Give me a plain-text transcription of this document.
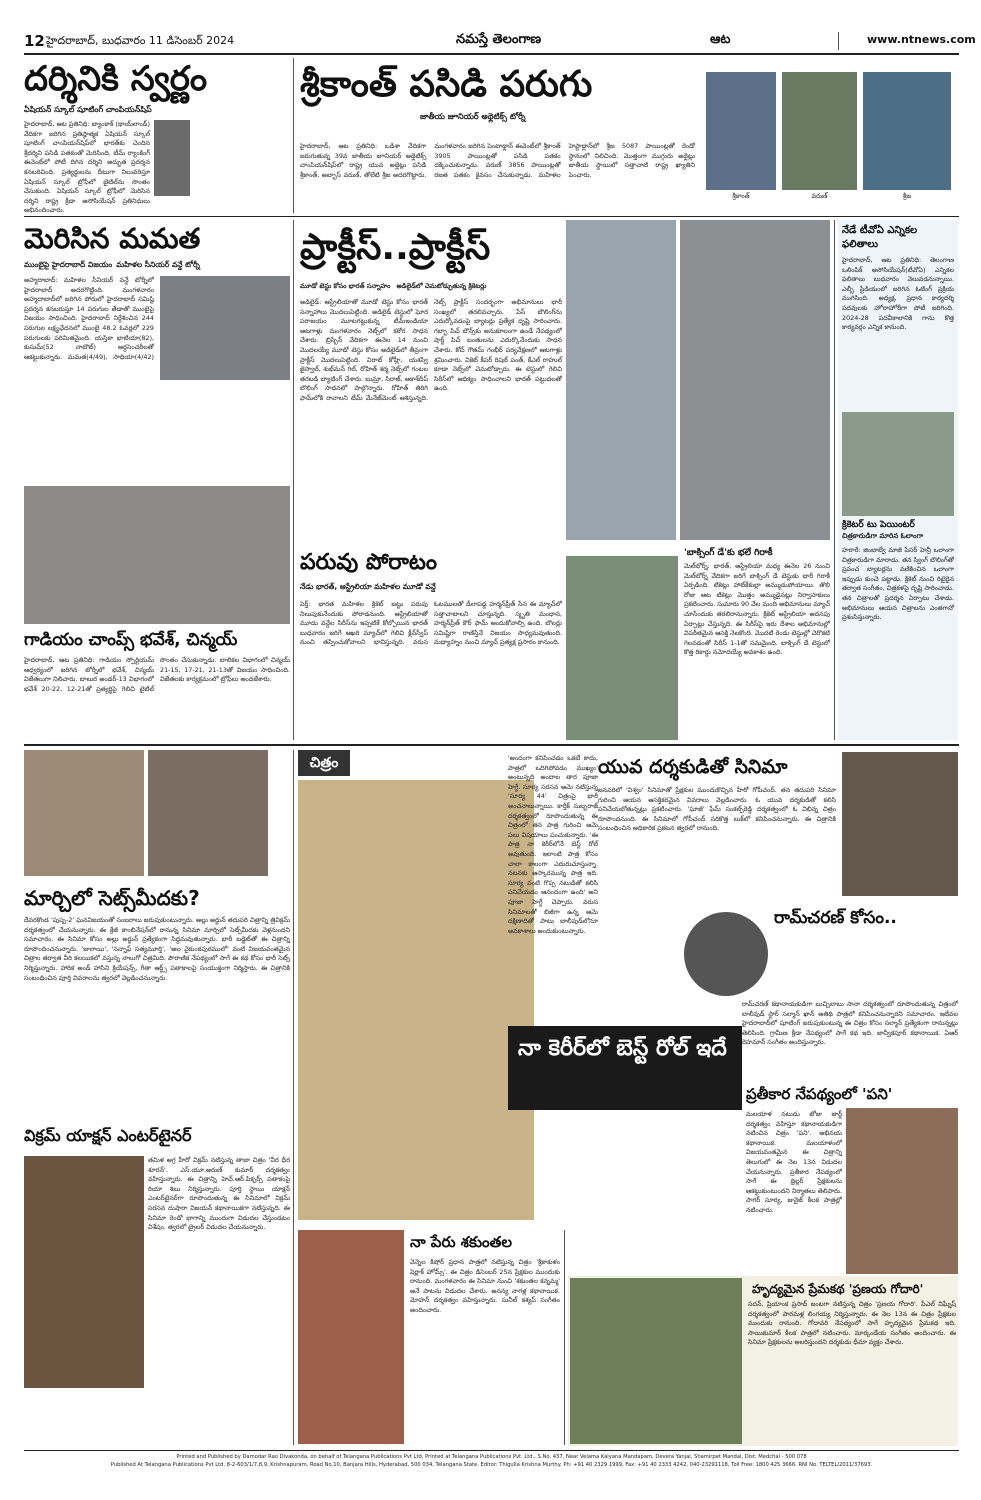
12 హైదరాబాద్, బుధవారం 11 డిసెంబర్ 2024	నమస్తే తెలంగాణ	ఆట	www.ntnews.com
దర్శినికి స్వర్ణం
ఏషియన్ స్కూల్ షూటింగ్ చాంపియన్‌షిప్
హైదరాబాద్, ఆట ప్రతినిధి: బ్యాంకాక్ (థాయ్‌లాండ్) వేదికగా జరిగిన ప్రతిష్ఠాత్మక ఏషియన్ స్కూల్ షూటింగ్ చాంపియన్‌షిప్‌లో భారత్‌కు చెందిన శ్రీదర్శిని పసిడి పతకంతో మెరిసింది. టీమ్ ర్యాంకింగ్ ఈవెంట్‌లో పోటీ దిగిన దర్శిని అద్భుత ప్రదర్శన కనబరిచింది. ప్రత్యర్థులను దీటుగా నిలువరిస్తూ ఏషియన్ స్కూల్ ట్రోఫీలో టైటిల్‌ను సొంతం చేసుకుంది. ఏషియన్ స్కూల్ ట్రోఫీలో మెరిసిన దర్శిని రాష్ట్ర క్రీడా అసోసియేషన్ ప్రతినిధులు అభినందించారు.
శ్రీకాంత్ పసిడి పరుగు
జాతీయ జూనియర్ అథ్లెటిక్స్ టోర్నీ
హైదరాబాద్, ఆట ప్రతినిధి: ఒడిశా వేదికగా జరుగుతున్న 39వ జాతీయ జూనియర్ అథ్లెటిక్స్ చాంపియన్‌షిప్‌లో రాష్ట్ర యువ అథ్లెట్లు పసిడి శ్రీకాంత్, అబ్బాస్ వరుణ్, తోలేటి శ్రీజ అదరగొట్టారు. మంగళవారం జరిగిన పెంటాథ్లాన్ ఈవెంట్‌లో శ్రీకాంత్ 3905 పాయింట్లతో పసిడి పతకం దక్కించుకున్నాడు. వరుణ్ 3856 పాయింట్లతో రజత పతకం కైవసం చేసుకున్నాడు. మహిళల హెప్టాథ్లాన్‌లో శ్రీజ 5087 పాయింట్లతో రెండో స్థానంలో నిలిచింది. మొత్తంగా ముగ్గురు అథ్లెట్లు జాతీయ స్థాయిలో సత్తాచాటి రాష్ట్ర ఖ్యాతిని పెంచారు.
శ్రీకాంత్	వరుణ్	శ్రీజ
మెరిసిన మమత
ముంబైపై హైదరాబాద్ విజయం మహిళల సీనియర్ వన్డే టోర్నీ
అహ్మదాబాద్: మహిళల సీనియర్ వన్డే టోర్నీలో హైదరాబాద్ అదరగొట్టింది. మంగళవారం అహ్మదాబాద్‌లో జరిగిన పోరులో హైదరాబాద్ సమిష్టి ప్రదర్శన కనబరుస్తూ 14 పరుగుల తేడాతో ముంబైపై విజయం సాధించింది. హైదరాబాద్ నిర్దేశించిన 244 పరుగుల లక్ష్యఛేదనలో ముంబై 48.2 ఓవర్లలో 229 పరుగులకు పరిమితమైంది. యస్తికా భాటియా(82), కుసుమ్(52 నాటౌట్) అర్ధసెంచరీలతో ఆకట్టుకున్నారు. మమత(4/49), సాధియా(4/42)
గాడియం చాంప్స్ భవేశ్, చిన్మయ్
హైదరాబాద్, ఆట ప్రతినిధి: గాడియం స్పోర్టియమ్ ఆధ్వర్యంలో జరిగిన టోర్నీలో భవేశ్, చిన్మయ్ విజేతలుగా నిలిచారు. బాలుర అండర్-13 విభాగంలో భవేశ్ 20-22, 12-21తో ప్రత్యర్థిపై గెలిచి టైటిల్ సొంతం చేసుకున్నాడు. బాలికల విభాగంలో చిన్మయ్ 21-15, 17-21, 21-13తో విజయం సాధించింది. విజేతలకు కార్యక్రమంలో ట్రోఫీలు అందజేశారు.
ప్రాక్టీస్..ప్రాక్టీస్
మూడో టెస్టు కోసం భారత్ సన్నాహం అడిలైడ్‌లో చెమటోడ్చుతున్న క్రికెటర్లు
అడిలైడ్: ఆస్ట్రేలియాతో మూడో టెస్టు కోసం భారత్ సన్నాహాలు మొదలుపెట్టింది. అడిలైడ్ టెస్టులో ఘోర పరాజయం మూటగట్టుకున్న టీమ్‌ఇండియా ఆటగాళ్లు మంగళవారం నెట్స్‌లో కఠోర సాధన చేశారు. బ్రిస్బేన్ వేదికగా ఈనెల 14 నుంచి మొదలయ్యే మూడో టెస్టు కోసం అడిలైడ్‌లో తీవ్రంగా ప్రాక్టీస్ మొదలుపెట్టింది. విరాట్ కోహ్లీ, యశస్వి జైస్వాల్, శుభ్‌మన్ గిల్, రోహిత్ శర్మ నెట్స్‌లో గంటల తరబడి బ్యాటింగ్ చేశారు. బుమ్రా, సిరాజ్, ఆకాశ్‌దీప్ బౌలింగ్ సాధనలో పాల్గొన్నారు. రోహిత్ తిరిగి ఫామ్‌లోకి రావాలని టీమ్ మేనేజ్‌మెంట్ ఆశిస్తున్నది. నెట్స్ ప్రాక్టీస్ సందర్భంగా అభిమానులు భారీ సంఖ్యలో తరలివచ్చారు. పేస్ బౌలింగ్‌ను ఎదుర్కోవడంపై బ్యాటర్లు ప్రత్యేక దృష్టి సారించారు. గబ్బా పిచ్ బౌన్స్‌కు అనుకూలంగా ఉండే నేపథ్యంలో షార్ట్ పిచ్ బంతులను ఎదుర్కొనేందుకు సాధన చేశారు. కోచ్ గౌతమ్ గంభీర్ పర్యవేక్షణలో ఆటగాళ్లు శ్రమించారు. వికెట్ కీపర్ రిషబ్ పంత్, కేఎల్ రాహుల్ కూడా నెట్స్‌లో చెమటోడ్చారు. ఈ టెస్టులో గెలిచి సిరీస్‌లో ఆధిక్యం సాధించాలని భారత్ పట్టుదలతో ఉంది.
పరువు పోరాటం
నేడు భారత్, ఆస్ట్రేలియా మహిళల మూడో వన్డే
పెర్త్: భారత మహిళల క్రికెట్ జట్టు పరువు నిలుపుకునేందుకు పోరాడనుంది. ఆస్ట్రేలియాతో మూడు వన్డేల సిరీస్‌ను ఇప్పటికే కోల్పోయిన భారత్ బుధవారం జరిగే ఆఖరి మ్యాచ్‌లో గెలిచి క్లీన్‌స్వీప్ నుంచి తప్పించుకోవాలని భావిస్తున్నది. వరుస ఓటములతో డీలాపడ్డ హర్మన్‌ప్రీత్ సేన ఈ మ్యాచ్‌లో సత్తాచాటాలని చూస్తున్నది. స్మృతి మంధాన, హర్మన్‌ప్రీత్ కౌర్ ఫామ్ అందుకోవాల్సి ఉంది. బౌలర్లు సమిష్టిగా రాణిస్తేనే విజయం సాధ్యమవుతుంది. మధ్యాహ్నం నుంచి మ్యాచ్ ప్రత్యక్ష ప్రసారం కానుంది.
'బాక్సింగ్ డే'కు భలే గిరాకీ
మెల్‌బోర్న్: భారత్, ఆస్ట్రేలియా మధ్య ఈనెల 26 నుంచి మెల్‌బోర్న్ వేదికగా జరిగే బాక్సింగ్ డే టెస్టుకు భారీ గిరాకీ ఏర్పడింది. టికెట్లు హాట్‌కేకుల్లా అమ్ముడుపోయాయి. తొలి రోజు ఆట టికెట్లు మొత్తం అమ్ముడైనట్లు నిర్వాహకులు ప్రకటించారు. సుమారు 90 వేల మంది అభిమానులు మ్యాచ్ చూసేందుకు తరలిరానున్నారు. క్రికెట్ ఆస్ట్రేలియా అదనపు ఏర్పాట్లు చేస్తున్నది. ఈ సిరీస్‌పై ఇరు దేశాల అభిమానుల్లో విపరీతమైన ఆసక్తి నెలకొంది. మొదటి రెండు టెస్టుల్లో చెరొకటి గెలవడంతో సిరీస్ 1-1తో సమమైంది. బాక్సింగ్ డే టెస్టులో కొత్త రికార్డు నమోదయ్యే అవకాశం ఉంది.
నేడే టీవోఏ ఎన్నికల ఫలితాలు
హైదరాబాద్, ఆట ప్రతినిధి: తెలంగాణ ఒలింపిక్ అసోసియేషన్(టీవోఏ) ఎన్నికల ఫలితాలు బుధవారం వెలువడనున్నాయి. ఎల్బీ స్టేడియంలో జరిగిన ఓటింగ్ ప్రక్రియ ముగిసింది. అధ్యక్ష, ప్రధాన కార్యదర్శి పదవులకు హోరాహోరీగా పోటీ జరిగింది. 2024-28 పదవీకాలానికి గాను కొత్త కార్యవర్గం ఎన్నిక కానుంది.
క్రికెటర్ టు పెయింటర్
చిత్రకారుడిగా మారిన ఓలాంగా
హరారే: జింబాబ్వే మాజీ పేసర్ హెన్రీ ఒలాంగా చిత్రకారుడిగా మారాడు. తన స్వింగ్ బౌలింగ్‌తో ప్రపంచ బ్యాటర్లను వణికించిన ఒలాంగా ఇప్పుడు కుంచె పట్టాడు. క్రికెట్ నుంచి రిటైరైన తర్వాత సంగీతం, చిత్రకళపై దృష్టి సారించాడు. తన చిత్రాలతో ప్రదర్శన ఏర్పాటు చేశాడు. అభిమానులు ఆయన చిత్రాలను ఎంతగానో ప్రశంసిస్తున్నారు.
మార్చిలో సెట్స్‌మీదకు?
దేవరకొండ 'పుష్ప-2' ఘనవిజయంతో సంబరాలు జరుపుకుంటున్నారు. అల్లు అర్జున్ తదుపరి చిత్రాన్ని త్రివిక్రమ్ దర్శకత్వంలో చేయనున్నారు. ఈ క్రేజీ కాంబినేషన్‌లో రానున్న సినిమా మార్చిలో సెట్స్‌మీదకు వెళ్లనుందని సమాచారం. ఈ సినిమా కోసం అల్లు అర్జున్ ప్రత్యేకంగా సిద్ధమవుతున్నారు. భారీ బడ్జెట్‌తో ఈ చిత్రాన్ని రూపొందించనున్నారు. 'జులాయి', 'సన్నాఫ్ సత్యమూర్తి', 'అల వైకుంఠపురములో' వంటి విజయవంతమైన చిత్రాల తర్వాత వీరి కలయికలో వస్తున్న నాలుగో చిత్రమిది. పౌరాణిక నేపథ్యంలో సాగే ఈ కథ కోసం భారీ సెట్స్ నిర్మిస్తున్నారు. హారిక అండ్ హాసిని క్రియేషన్స్, గీతా ఆర్ట్స్ పతాకాలపై సంయుక్తంగా నిర్మిస్తారు. ఈ చిత్రానికి సంబంధించిన పూర్తి వివరాలను త్వరలో వెల్లడించనున్నారు.
విక్రమ్ యాక్షన్ ఎంటర్‌టైనర్
తమిళ అగ్ర హీరో విక్రమ్ నటిస్తున్న తాజా చిత్రం 'వీర ధీర శూరన్'. ఎస్.యూ.అరుణ్ కుమార్ దర్శకత్వం వహిస్తున్నారు. ఈ చిత్రాన్ని హెచ్.ఆర్.పిక్చర్స్ పతాకంపై రియా శిబు నిర్మిస్తున్నారు. పూర్తి స్థాయి యాక్షన్ ఎంటర్‌టైనర్‌గా రూపొందుతున్న ఈ సినిమాలో విక్రమ్ సరసన దుషారా విజయన్ కథానాయికగా నటిస్తున్నది. ఈ సినిమా రెండో భాగాన్ని ముందుగా విడుదల చేస్తుండటం విశేషం. త్వరలో ట్రైలర్ విడుదల చేయనున్నారు.
చిత్రం	'అందంగా కనిపించడం ఒకటే కాదు, పాత్రలో ఒదిగిపోవడం ముఖ్యం' అంటున్నది అందాల తార పూజా హెగ్డే. సూర్య సరసన ఆమె నటిస్తున్న 'సూర్య 44' చిత్రంపై భారీ అంచనాలున్నాయి. కార్తీక్ సుబ్బరాజ్ దర్శకత్వంలో రూపొందుతున్న ఈ చిత్రంలో తన పాత్ర గురించి ఆమె పలు విషయాలు పంచుకున్నారు. 'ఈ పాత్ర నా కెరీర్‌లోనే బెస్ట్ రోల్ అవుతుంది. ఇలాంటి పాత్ర కోసం చాలా కాలంగా ఎదురుచూస్తున్నా. నటనకు ఆస్కారమున్న పాత్ర ఇది. సూర్య వంటి గొప్ప నటుడితో కలిసి పనిచేయడం ఆనందంగా ఉంది' అని పూజా హెగ్డే చెప్పారు. వరుస సినిమాలతో బిజీగా ఉన్న ఆమె దక్షిణాదితో పాటు బాలీవుడ్‌లోనూ అవకాశాలు అందుకుంటున్నారు.
నా కెరీర్‌లో బెస్ట్ రోల్ ఇదే
యువ దర్శకుడితో సినిమా
జనవరిలో 'విశ్వం' సినిమాతో ప్రేక్షకుల ముందుకొచ్చిన హీరో గోపీచంద్. తన తదుపరి సినిమా గురించి ఆయన ఆసక్తికరమైన వివరాలు వెల్లడించారు. ఓ యువ దర్శకుడితో కలిసి పనిచేయబోతున్నట్లు ప్రకటించారు. 'ఘాజీ' ఫేమ్ సంకల్ప్‌రెడ్డి దర్శకత్వంలో ఓ విభిన్న చిత్రం రూపొందనుంది. ఈ సినిమాలో గోపీచంద్ సరికొత్త లుక్‌లో కనిపించనున్నారు. ఈ చిత్రానికి సంబంధించిన అధికారిక ప్రకటన త్వరలో రానుంది.
రామ్‌చరణ్ కోసం..
రామ్‌చరణ్ కథానాయకుడిగా బుచ్చిబాబు సానా దర్శకత్వంలో రూపొందుతున్న చిత్రంలో బాలీవుడ్ స్టార్ సల్మాన్ ఖాన్ అతిథి పాత్రలో కనిపించనున్నారని సమాచారం. ఇటీవల హైదరాబాద్‌లో షూటింగ్ జరుపుకుంటున్న ఈ చిత్రం కోసం సల్మాన్ ప్రత్యేకంగా రానున్నట్లు తెలిసింది. గ్రామీణ క్రీడా నేపథ్యంలో సాగే కథ ఇది. జాన్వీకపూర్ కథానాయిక. ఏఆర్ రెహమాన్ సంగీతం అందిస్తున్నారు.
ప్రతీకార నేపథ్యంలో 'పని'
మలయాళ నటుడు జోజు జార్జ్ దర్శకత్వం వహిస్తూ కథానాయకుడిగా నటించిన చిత్రం 'పని'. అభినయ కథానాయిక. మలయాళంలో విజయవంతమైన ఈ చిత్రాన్ని తెలుగులో ఈ నెల 13న విడుదల చేయనున్నారు. ప్రతీకార నేపథ్యంలో సాగే ఈ థ్రిల్లర్ ప్రేక్షకులను ఆకట్టుకుంటుందని నిర్మాతలు తెలిపారు. సాగర్ సూర్య, జునైజ్ కీలక పాత్రల్లో నటించారు.
నా పేరు శకుంతల
వెన్నెల కిషోర్ ప్రధాన పాత్రలో నటిస్తున్న చిత్రం 'శ్రీకాకుళం షెర్లాక్ హోమ్స్'. ఈ చిత్రం డిసెంబర్ 25న ప్రేక్షకుల ముందుకు రానుంది. మంగళవారం ఈ సినిమా నుంచి 'శకుంతల కన్నమ్మ' అనే పాటను విడుదల చేశారు. అనన్య నాగళ్ల కథానాయిక. మోహన్ దర్శకత్వం వహిస్తున్నారు. సునీల్ కశ్యప్ సంగీతం అందించారు.
హృద్యమైన ప్రేమకథ 'ప్రణయ గోదారి'
సదన్, ప్రియాంక ప్రసాద్ జంటగా నటిస్తున్న చిత్రం 'ప్రణయ గోదారి'. పీఎల్ విఘ్నేష్ దర్శకత్వంలో పారమళ్ల లింగయ్య నిర్మిస్తున్నారు. ఈ నెల 13న ఈ చిత్రం ప్రేక్షకుల ముందుకు రానుంది. గోదావరి నేపథ్యంలో సాగే హృద్యమైన ప్రేమకథ ఇది. సాయికుమార్ కీలక పాత్రలో నటించారు. మార్కండేయ సంగీతం అందించారు. ఈ సినిమా ప్రేక్షకులను అలరిస్తుందని దర్శకుడు ధీమా వ్యక్తం చేశారు.
Printed and Published by Damodar Rao Divakonda, on behalf of Telangana Publications Pvt Ltd, Printed at Telangana Publications Pvt. Ltd., S.No. 437, Near Velama Kalyana Mandapam, Devera Yanjal, Shamirpet Mandal, Dist: Medchal - 500 078
Published At Telangana Publications Pvt Ltd. 8-2-603/1/7,8,9, Krishnapuram, Road No.10, Banjara Hills, Hyderabad, 500 034, Telangana State. Editor: Thigulla Krishna Murthy. Ph: +91 40 2329 1999, Fax: +91 40 2333 4242, 040-23291118, Toll Free: 1800 425 3666. RNI No. TELTEL/2011/37693.
